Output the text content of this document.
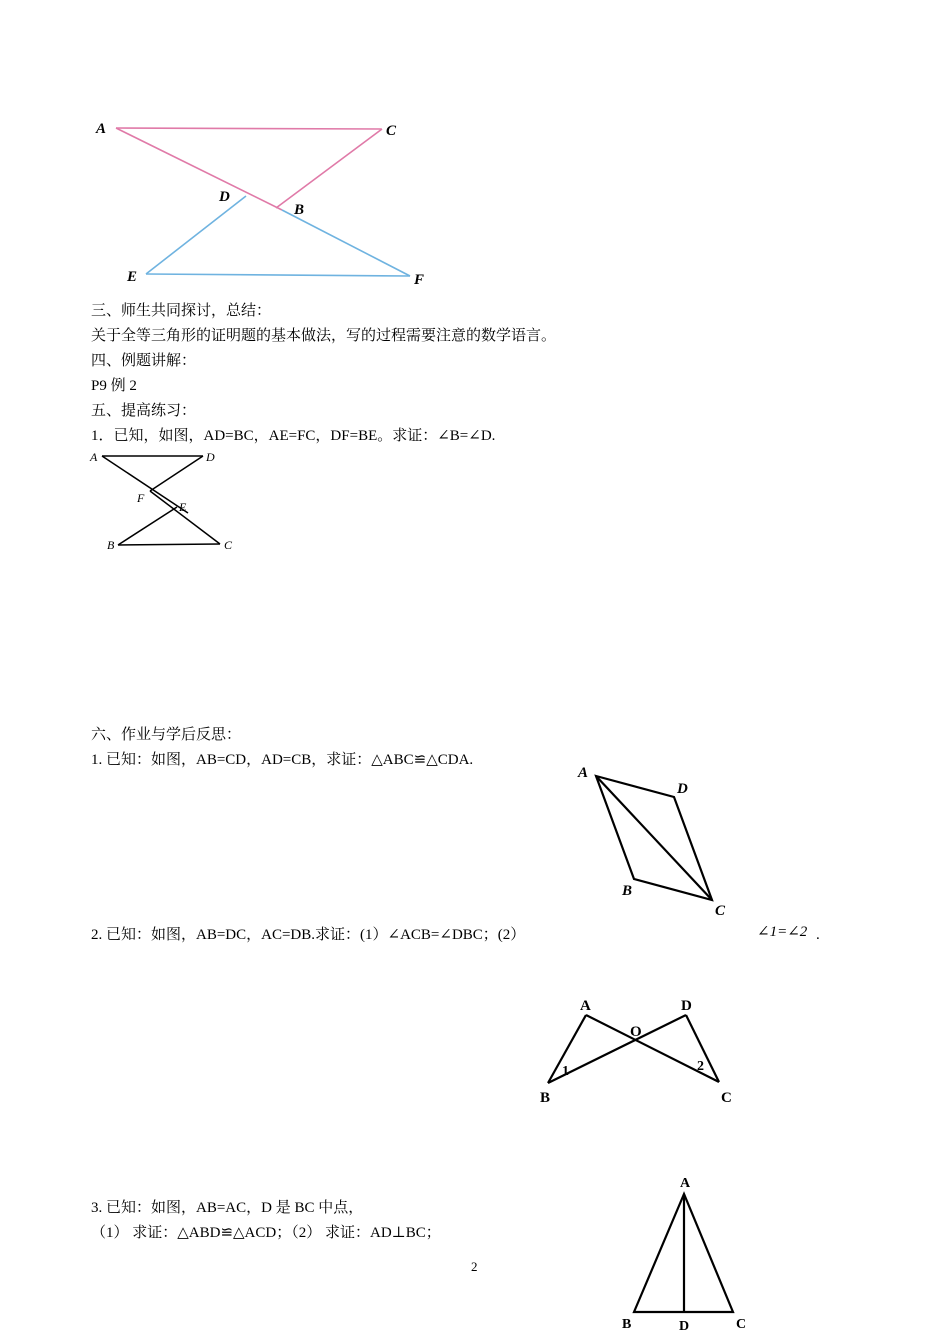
A	C
D
B
E	F
三、师生共同探讨，总结：
关于全等三角形的证明题的基本做法，写的过程需要注意的数学语言。
四、例题讲解：
P9 例 2
五、提高练习：
1．已知，如图，AD=BC，AE=FC，DF=BE。求证：∠B=∠D.
A	D
F
E
B	C
六、作业与学后反思：
1. 已知：如图，AB=CD，AD=CB，求证：△ABC≌△CDA.
A
D
B
C
2. 已知：如图，AB=DC，AC=DB.求证：(1）∠ACB=∠DBC；(2）	∠1=∠2 .
A	D
O
1	2
B	C
3. 已知：如图，AB=AC，D 是 BC 中点，
（1） 求证：△ABD≌△ACD；（2） 求证：AD⊥BC；
2
A
B	D	C
